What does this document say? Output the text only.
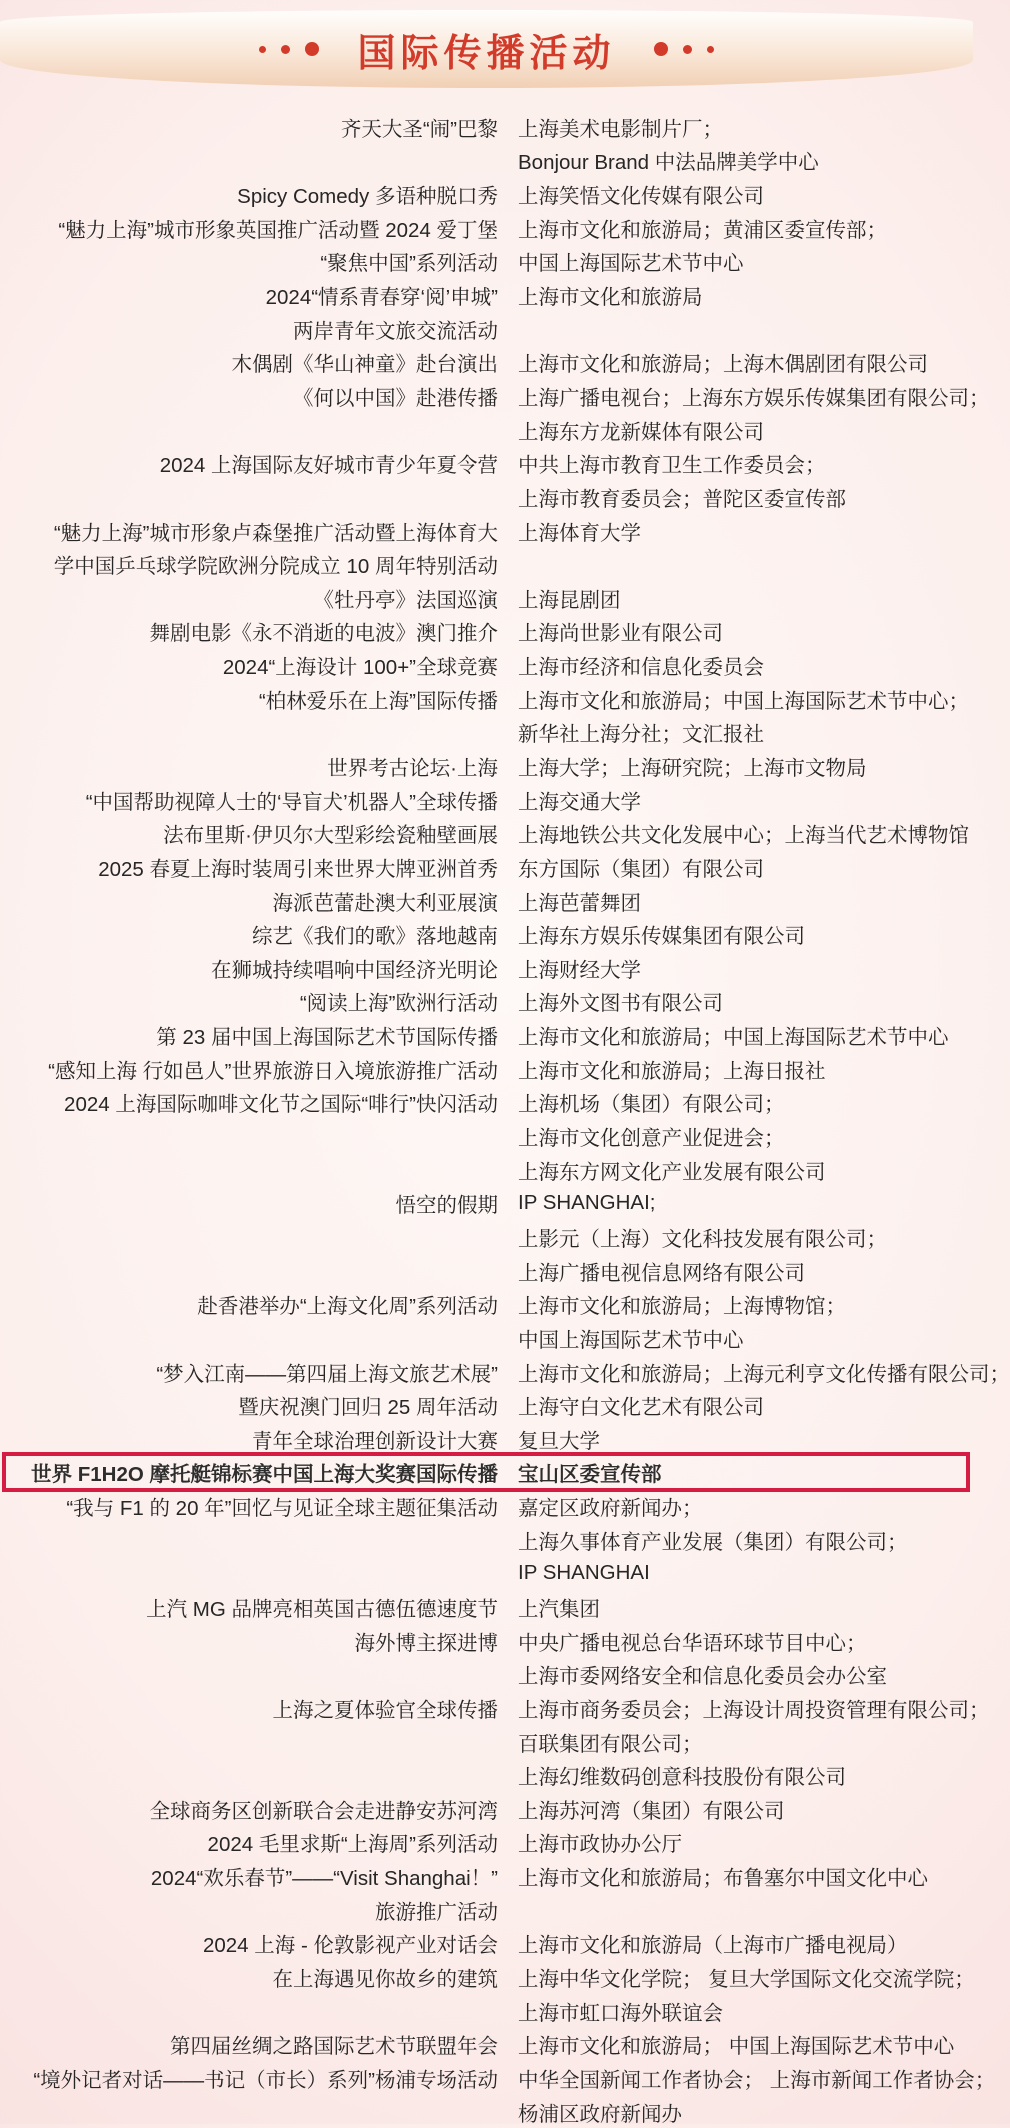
国际传播活动
齐天大圣“闹”巴黎 上海美术电影制片厂；
Bonjour Brand 中法品牌美学中心
Spicy Comedy 多语种脱口秀 上海笑悟文化传媒有限公司
“魅力上海”城市形象英国推广活动暨 2024 爱丁堡 上海市文化和旅游局；黄浦区委宣传部；
“聚焦中国”系列活动 中国上海国际艺术节中心
2024“情系青春穿‘阅’申城” 上海市文化和旅游局
两岸青年文旅交流活动
木偶剧《华山神童》赴台演出 上海市文化和旅游局；上海木偶剧团有限公司
《何以中国》赴港传播 上海广播电视台；上海东方娱乐传媒集团有限公司；
上海东方龙新媒体有限公司
2024 上海国际友好城市青少年夏令营 中共上海市教育卫生工作委员会；
上海市教育委员会；普陀区委宣传部
“魅力上海”城市形象卢森堡推广活动暨上海体育大 上海体育大学
学中国乒乓球学院欧洲分院成立 10 周年特别活动
《牡丹亭》法国巡演 上海昆剧团
舞剧电影《永不消逝的电波》澳门推介 上海尚世影业有限公司
2024“上海设计 100+”全球竞赛 上海市经济和信息化委员会
“柏林爱乐在上海”国际传播 上海市文化和旅游局；中国上海国际艺术节中心；
新华社上海分社；文汇报社
世界考古论坛·上海 上海大学；上海研究院；上海市文物局
“中国帮助视障人士的‘导盲犬’机器人”全球传播 上海交通大学
法布里斯·伊贝尔大型彩绘瓷釉壁画展 上海地铁公共文化发展中心；上海当代艺术博物馆
2025 春夏上海时装周引来世界大牌亚洲首秀 东方国际（集团）有限公司
海派芭蕾赴澳大利亚展演 上海芭蕾舞团
综艺《我们的歌》落地越南 上海东方娱乐传媒集团有限公司
在狮城持续唱响中国经济光明论 上海财经大学
“阅读上海”欧洲行活动 上海外文图书有限公司
第 23 届中国上海国际艺术节国际传播 上海市文化和旅游局；中国上海国际艺术节中心
“感知上海 行如邑人”世界旅游日入境旅游推广活动 上海市文化和旅游局；上海日报社
2024 上海国际咖啡文化节之国际“啡行”快闪活动 上海机场（集团）有限公司；
上海市文化创意产业促进会；
上海东方网文化产业发展有限公司
悟空的假期 IP SHANGHAI;
上影元（上海）文化科技发展有限公司；
上海广播电视信息网络有限公司
赴香港举办“上海文化周”系列活动 上海市文化和旅游局；上海博物馆；
中国上海国际艺术节中心
“梦入江南——第四届上海文旅艺术展” 上海市文化和旅游局；上海元利亨文化传播有限公司；
暨庆祝澳门回归 25 周年活动 上海守白文化艺术有限公司
青年全球治理创新设计大赛 复旦大学
世界 F1H2O 摩托艇锦标赛中国上海大奖赛国际传播 宝山区委宣传部
“我与 F1 的 20 年”回忆与见证全球主题征集活动 嘉定区政府新闻办；
上海久事体育产业发展（集团）有限公司；
IP SHANGHAI
上汽 MG 品牌亮相英国古德伍德速度节 上汽集团
海外博主探进博 中央广播电视总台华语环球节目中心；
上海市委网络安全和信息化委员会办公室
上海之夏体验官全球传播 上海市商务委员会；上海设计周投资管理有限公司；
百联集团有限公司；
上海幻维数码创意科技股份有限公司
全球商务区创新联合会走进静安苏河湾 上海苏河湾（集团）有限公司
2024 毛里求斯“上海周”系列活动 上海市政协办公厅
2024“欢乐春节”——“Visit Shanghai！” 上海市文化和旅游局；布鲁塞尔中国文化中心
旅游推广活动
2024 上海 - 伦敦影视产业对话会 上海市文化和旅游局（上海市广播电视局）
在上海遇见你故乡的建筑 上海中华文化学院； 复旦大学国际文化交流学院；
上海市虹口海外联谊会
第四届丝绸之路国际艺术节联盟年会 上海市文化和旅游局； 中国上海国际艺术节中心
“境外记者对话——书记（市长）系列”杨浦专场活动 中华全国新闻工作者协会； 上海市新闻工作者协会；
杨浦区政府新闻办
